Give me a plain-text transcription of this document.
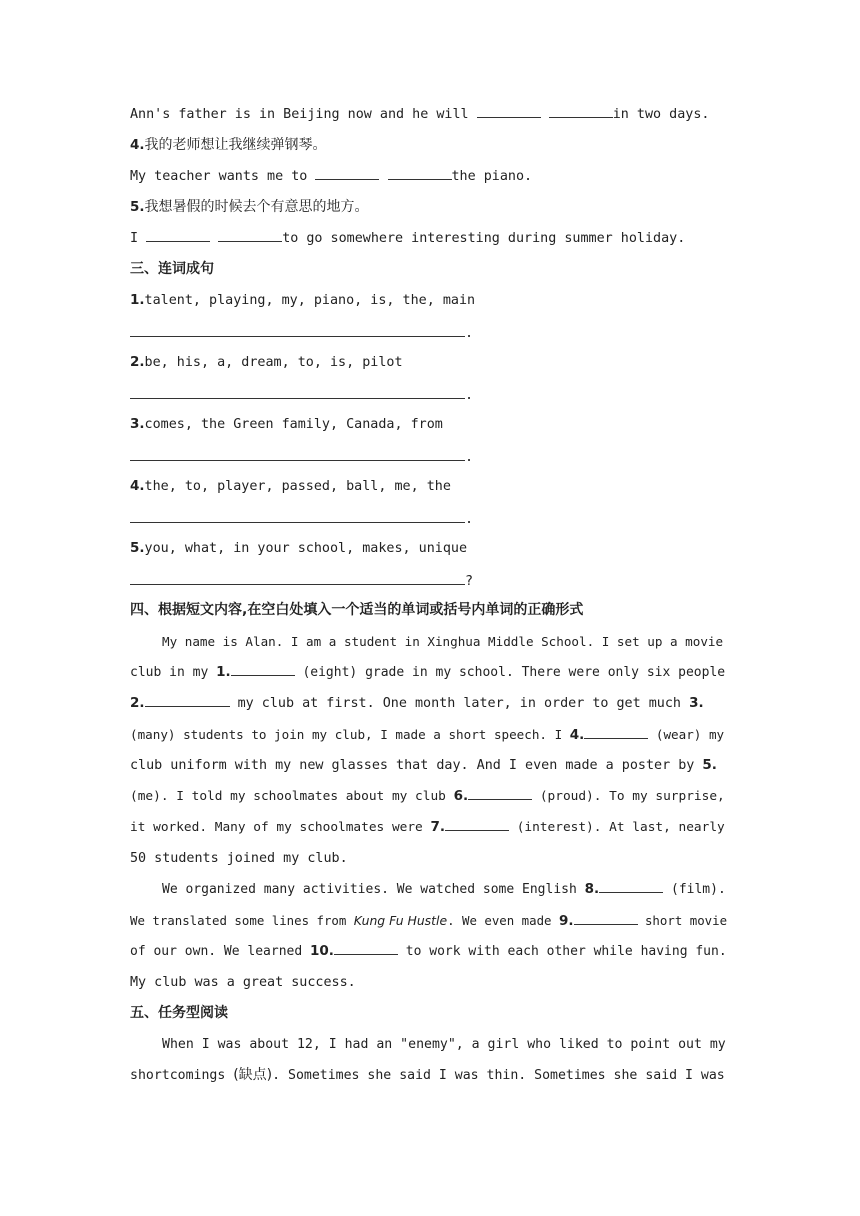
Ann's father is in Beijing now and he will	in two days.
4.我的老师想让我继续弹钢琴。
My teacher wants me to	the piano.
5.我想暑假的时候去个有意思的地方。
I	to go somewhere interesting during summer holiday.
三、连词成句
1.talent, playing, my, piano, is, the, main
.
2.be, his, a, dream, to, is, pilot
.
3.comes, the Green family, Canada, from
.
4.the, to, player, passed, ball, me, the
.
5.you, what, in your school, makes, unique
?
四、根据短文内容,在空白处填入一个适当的单词或括号内单词的正确形式
My name is Alan. I am a student in Xinghua Middle School. I set up a movie
club in my 1.	(eight) grade in my school. There were only six people
2.	my club at first. One month later, in order to get much 3.
(many) students to join my club, I made a short speech. I 4.	(wear) my
club uniform with my new glasses that day. And I even made a poster by 5.
(me). I told my schoolmates about my club 6.	(proud). To my surprise,
it worked. Many of my schoolmates were 7.	(interest). At last, nearly
50 students joined my club.
We organized many activities. We watched some English 8.	(film).
We translated some lines from Kung Fu Hustle. We even made 9.	short movie
of our own. We learned 10.	to work with each other while having fun.
My club was a great success.
五、任务型阅读
When I was about 12, I had an "enemy", a girl who liked to point out my
shortcomings (缺点). Sometimes she said I was thin. Sometimes she said I was
